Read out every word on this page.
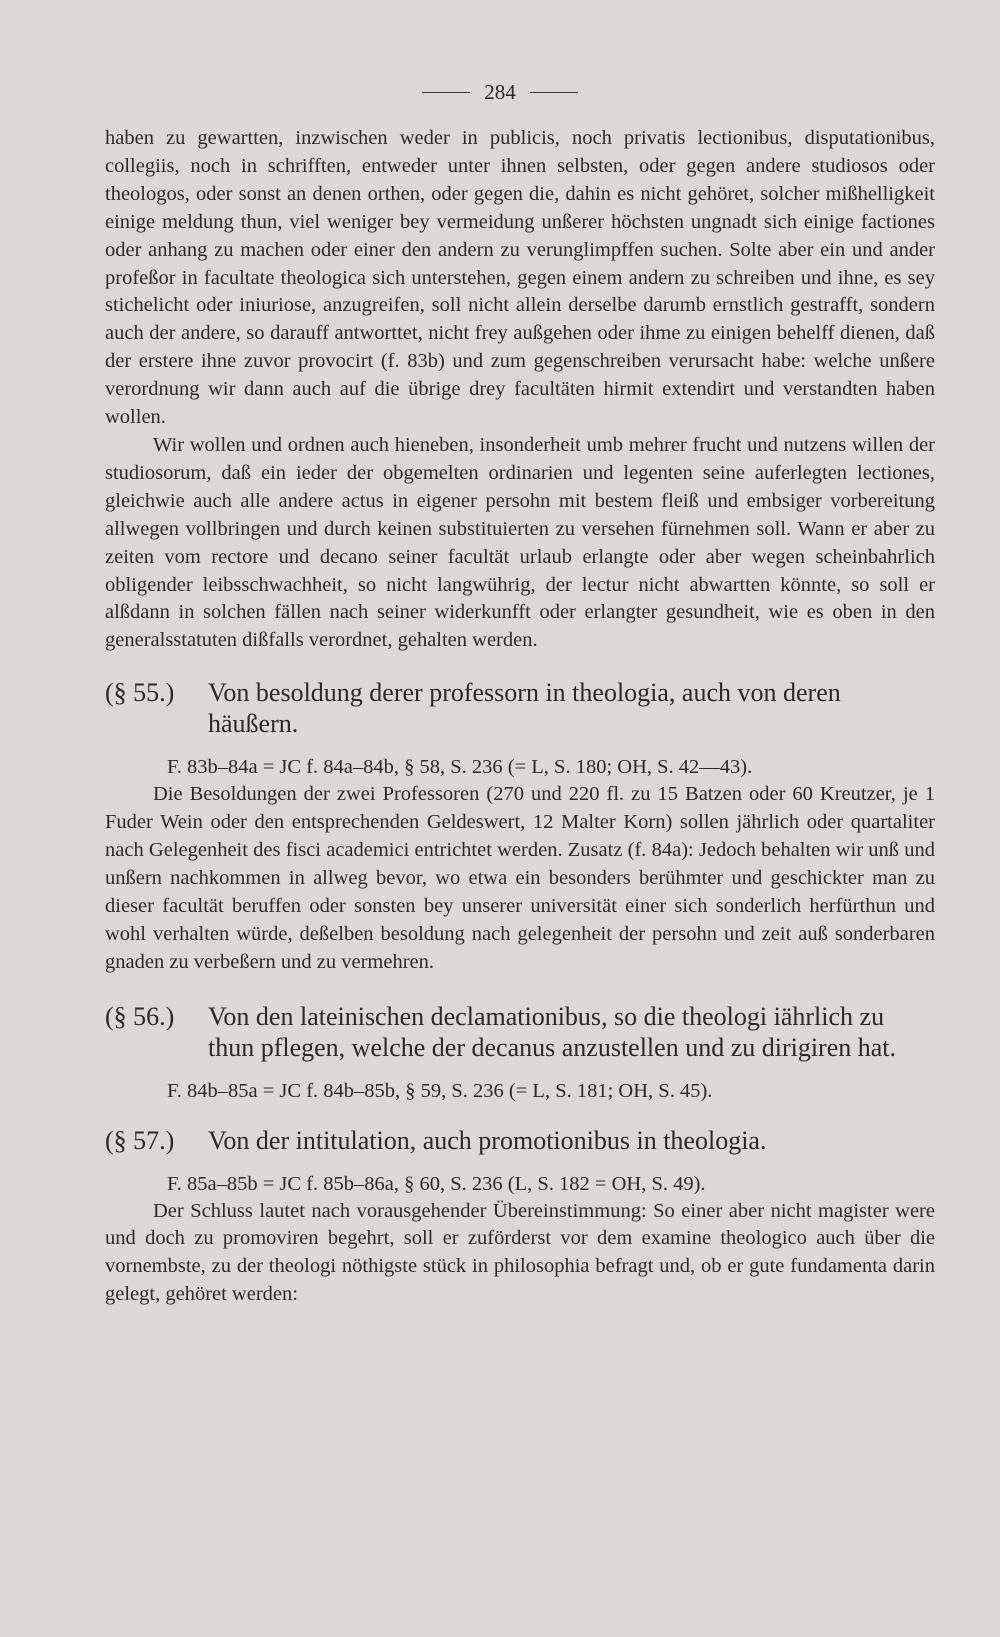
284

haben zu gewartten, inzwischen weder in publicis, noch privatis lectionibus, disputationibus, collegiis, noch in schrifften, entweder unter ihnen selbsten, oder gegen andere studiosos oder theologos, oder sonst an denen orthen, oder gegen die, dahin es nicht gehöret, solcher mißhelligkeit einige meldung thun, viel weniger bey vermeidung unßerer höchsten ungnadt sich einige factiones oder anhang zu machen oder einer den andern zu verunglimpffen suchen. Solte aber ein und ander profeßor in facultate theologica sich unterstehen, gegen einem andern zu schreiben und ihne, es sey stichelicht oder iniuriose, anzugreifen, soll nicht allein derselbe darumb ernstlich gestrafft, sondern auch der andere, so darauff antworttet, nicht frey außgehen oder ihme zu einigen behelff dienen, daß der erstere ihne zuvor provocirt (f. 83b) und zum gegenschreiben verursacht habe: welche unßere verordnung wir dann auch auf die übrige drey facultäten hirmit extendirt und verstandten haben wollen.

Wir wollen und ordnen auch hieneben, insonderheit umb mehrer frucht und nutzens willen der studiosorum, daß ein ieder der obgemelten ordinarien und legenten seine auferlegten lectiones, gleichwie auch alle andere actus in eigener persohn mit bestem fleiß und embsiger vorbereitung allwegen vollbringen und durch keinen substituierten zu versehen fürnehmen soll. Wann er aber zu zeiten vom rectore und decano seiner facultät urlaub erlangte oder aber wegen scheinbahrlich obligender leibsschwachheit, so nicht langwührig, der lectur nicht abwartten könnte, so soll er alßdann in solchen fällen nach seiner widerkunfft oder erlangter gesundheit, wie es oben in den generalsstatuten dißfalls verordnet, gehalten werden.

(§ 55.)	Von besoldung derer professorn in theologia, auch von deren häußern.

F. 83b–84a = JC f. 84a–84b, § 58, S. 236 (= L, S. 180; OH, S. 42—43).

Die Besoldungen der zwei Professoren (270 und 220 fl. zu 15 Batzen oder 60 Kreutzer, je 1 Fuder Wein oder den entsprechenden Geldeswert, 12 Malter Korn) sollen jährlich oder quartaliter nach Gelegenheit des fisci academici entrichtet werden. Zusatz (f. 84a): Jedoch behalten wir unß und unßern nachkommen in allweg bevor, wo etwa ein besonders berühmter und geschickter man zu dieser facultät beruffen oder sonsten bey unserer universität einer sich sonderlich herfürthun und wohl verhalten würde, deßelben besoldung nach gelegenheit der persohn und zeit auß sonderbaren gnaden zu verbeßern und zu vermehren.

(§ 56.)	Von den lateinischen declamationibus, so die theologi iährlich zu thun pflegen, welche der decanus anzustellen und zu dirigiren hat.

F. 84b–85a = JC f. 84b–85b, § 59, S. 236 (= L, S. 181; OH, S. 45).

(§ 57.)	Von der intitulation, auch promotionibus in theologia.

F. 85a–85b = JC f. 85b–86a, § 60, S. 236 (L, S. 182 = OH, S. 49).

Der Schluss lautet nach vorausgehender Übereinstimmung: So einer aber nicht magister were und doch zu promoviren begehrt, soll er zuförderst vor dem examine theologico auch über die vornembste, zu der theologi nöthigste stück in philosophia befragt und, ob er gute fundamenta darin gelegt, gehöret werden:
